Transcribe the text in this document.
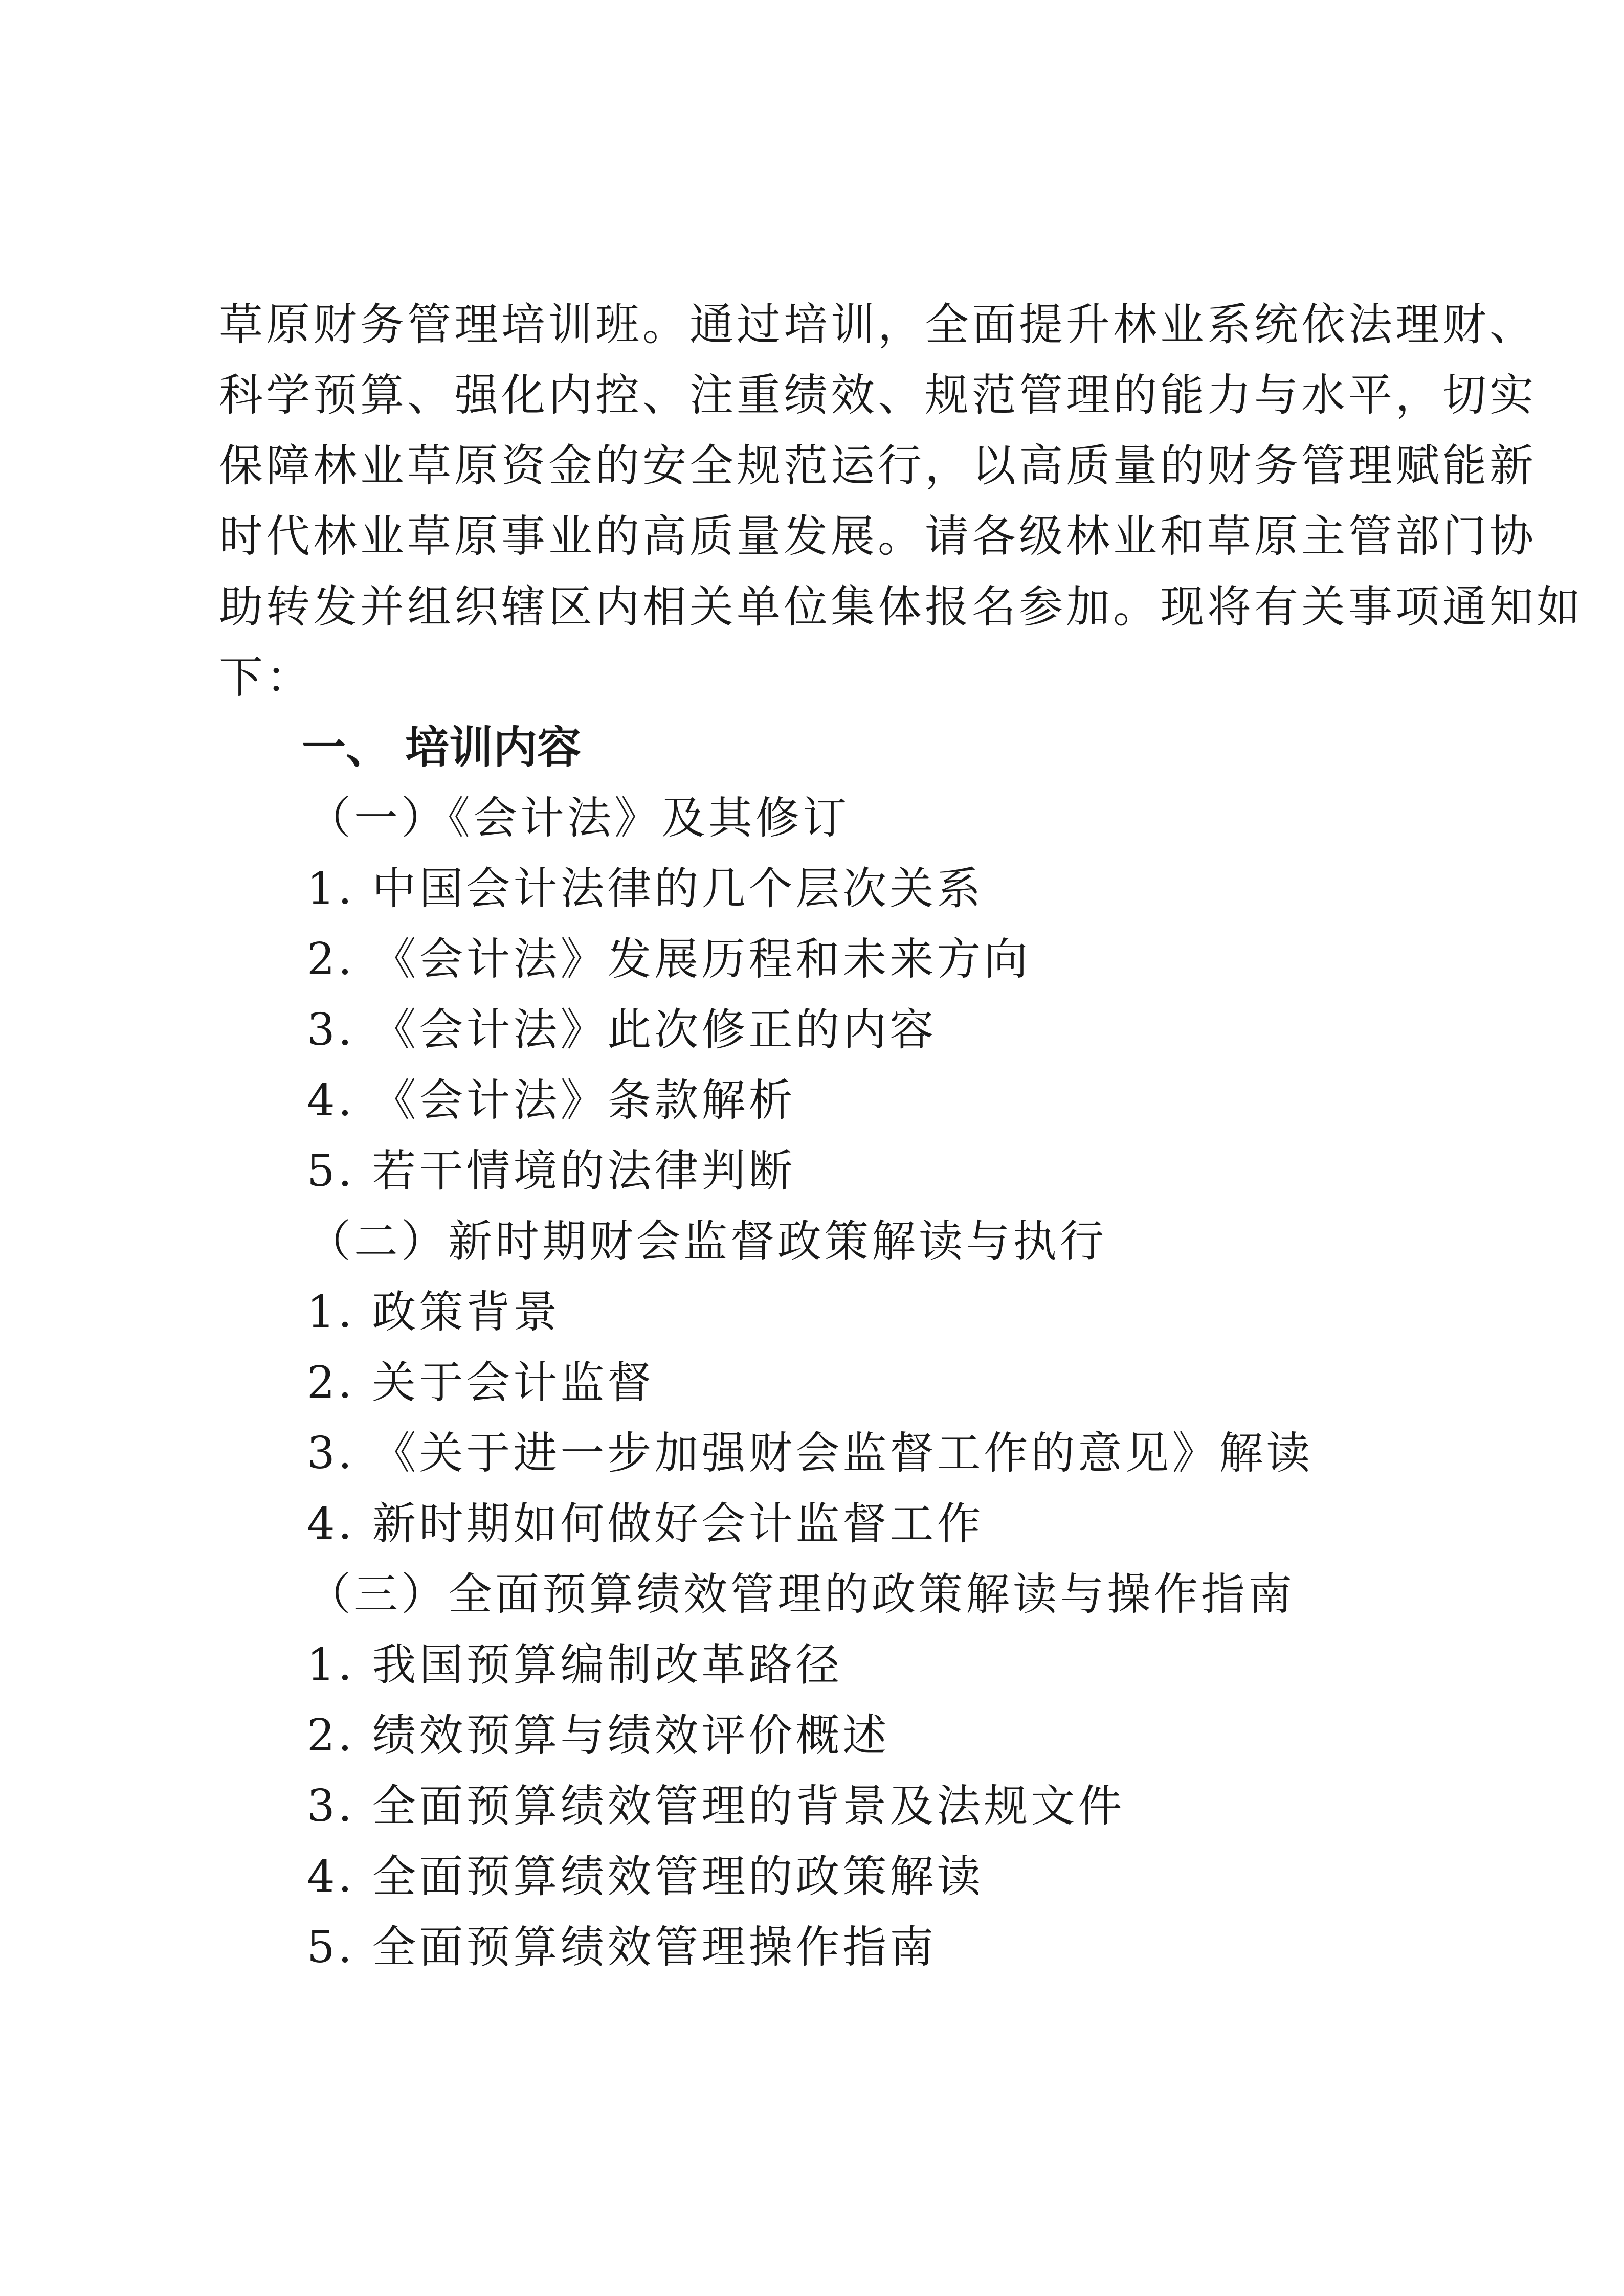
草原财务管理培训班。通过培训，全面提升林业系统依法理财、
科学预算、强化内控、注重绩效、规范管理的能力与水平，切实
保障林业草原资金的安全规范运行，以高质量的财务管理赋能新
时代林业草原事业的高质量发展。请各级林业和草原主管部门协
助转发并组织辖区内相关单位集体报名参加。现将有关事项通知如
下：
一、 培训内容
（一）《会计法》及其修订
1. 中国会计法律的几个层次关系
2. 《会计法》发展历程和未来方向
3. 《会计法》此次修正的内容
4. 《会计法》条款解析
5. 若干情境的法律判断
（二）新时期财会监督政策解读与执行
1. 政策背景
2. 关于会计监督
3. 《关于进一步加强财会监督工作的意见》解读
4. 新时期如何做好会计监督工作
（三）全面预算绩效管理的政策解读与操作指南
1. 我国预算编制改革路径
2. 绩效预算与绩效评价概述
3. 全面预算绩效管理的背景及法规文件
4. 全面预算绩效管理的政策解读
5. 全面预算绩效管理操作指南
